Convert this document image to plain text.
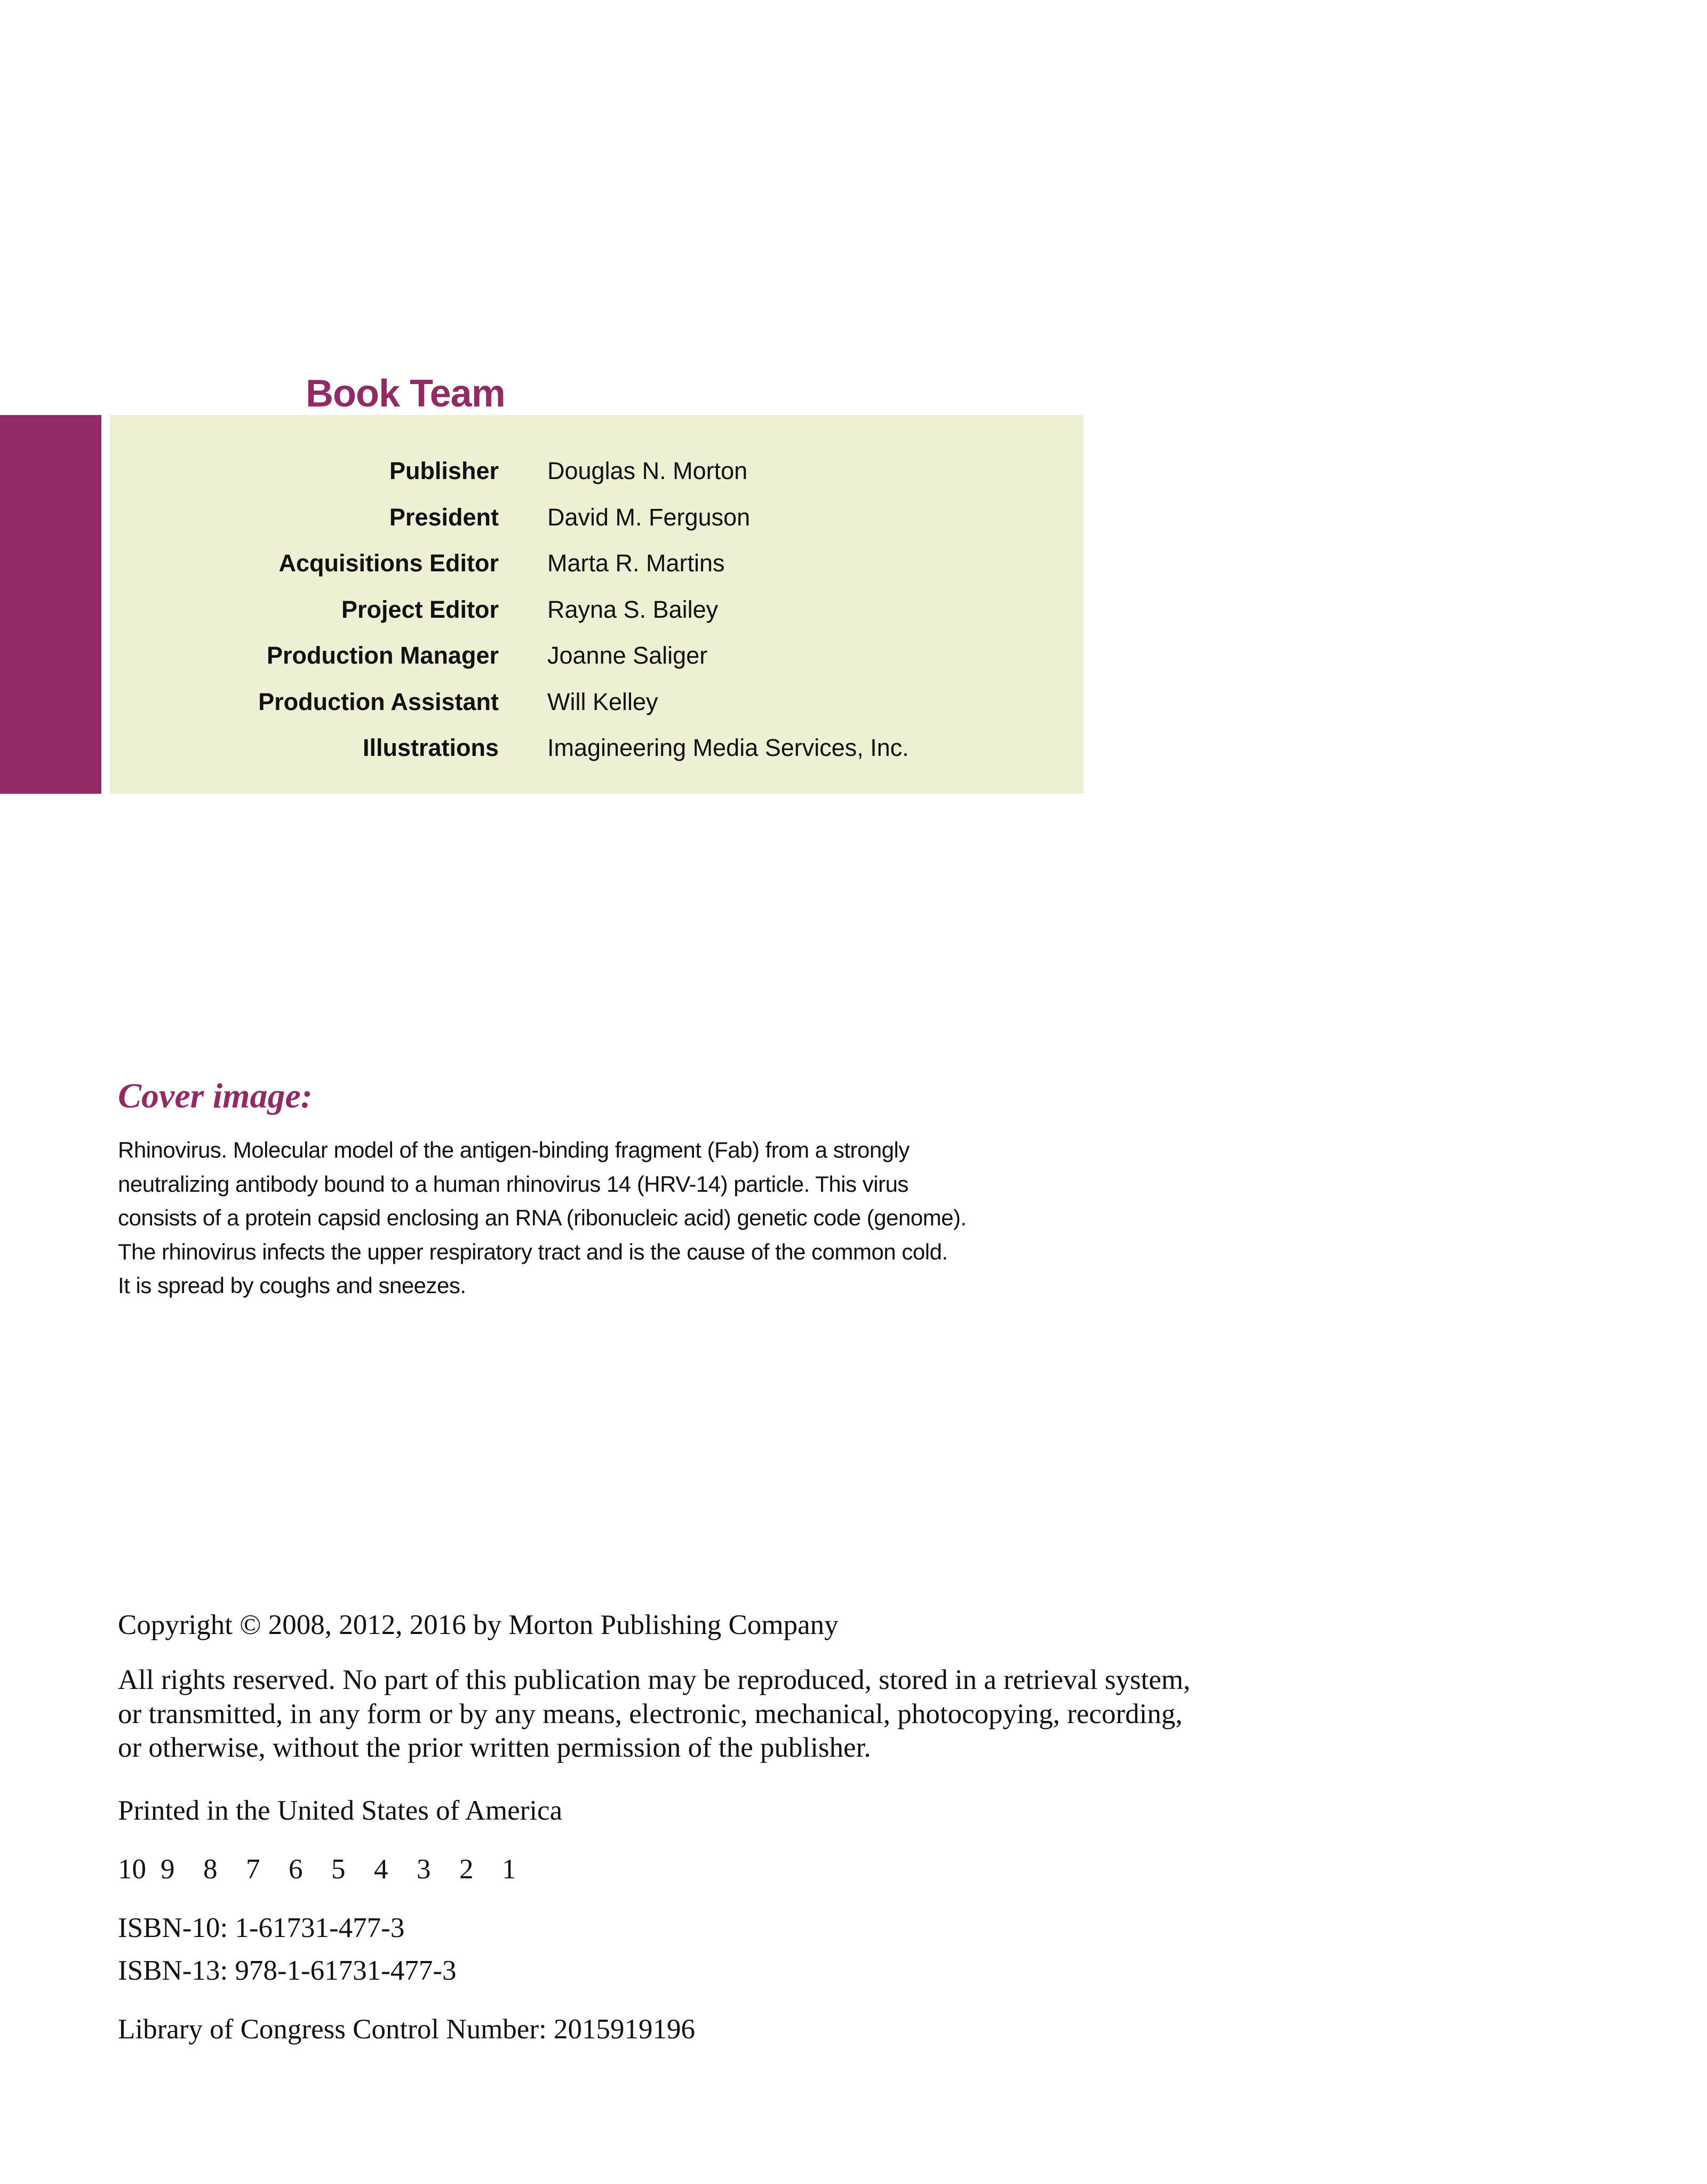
Book Team
Publisher Douglas N. Morton
President David M. Ferguson
Acquisitions Editor Marta R. Martins
Project Editor Rayna S. Bailey
Production Manager Joanne Saliger
Production Assistant Will Kelley
Illustrations Imagineering Media Services, Inc.
Cover image:

Rhinovirus. Molecular model of the antigen-binding fragment (Fab) from a strongly
neutralizing antibody bound to a human rhinovirus 14 (HRV-14) particle. This virus
consists of a protein capsid enclosing an RNA (ribonucleic acid) genetic code (genome).
The rhinovirus infects the upper respiratory tract and is the cause of the common cold.
It is spread by coughs and sneezes.

Copyright © 2008, 2012, 2016 by Morton Publishing Company

All rights reserved. No part of this publication may be reproduced, stored in a retrieval system,
or transmitted, in any form or by any means, electronic, mechanical, photocopying, recording,
or otherwise, without the prior written permission of the publisher.

Printed in the United States of America

10 9 8 7 6 5 4 3 2 1

ISBN-10: 1-61731-477-3

ISBN-13: 978-1-61731-477-3

Library of Congress Control Number: 2015919196
